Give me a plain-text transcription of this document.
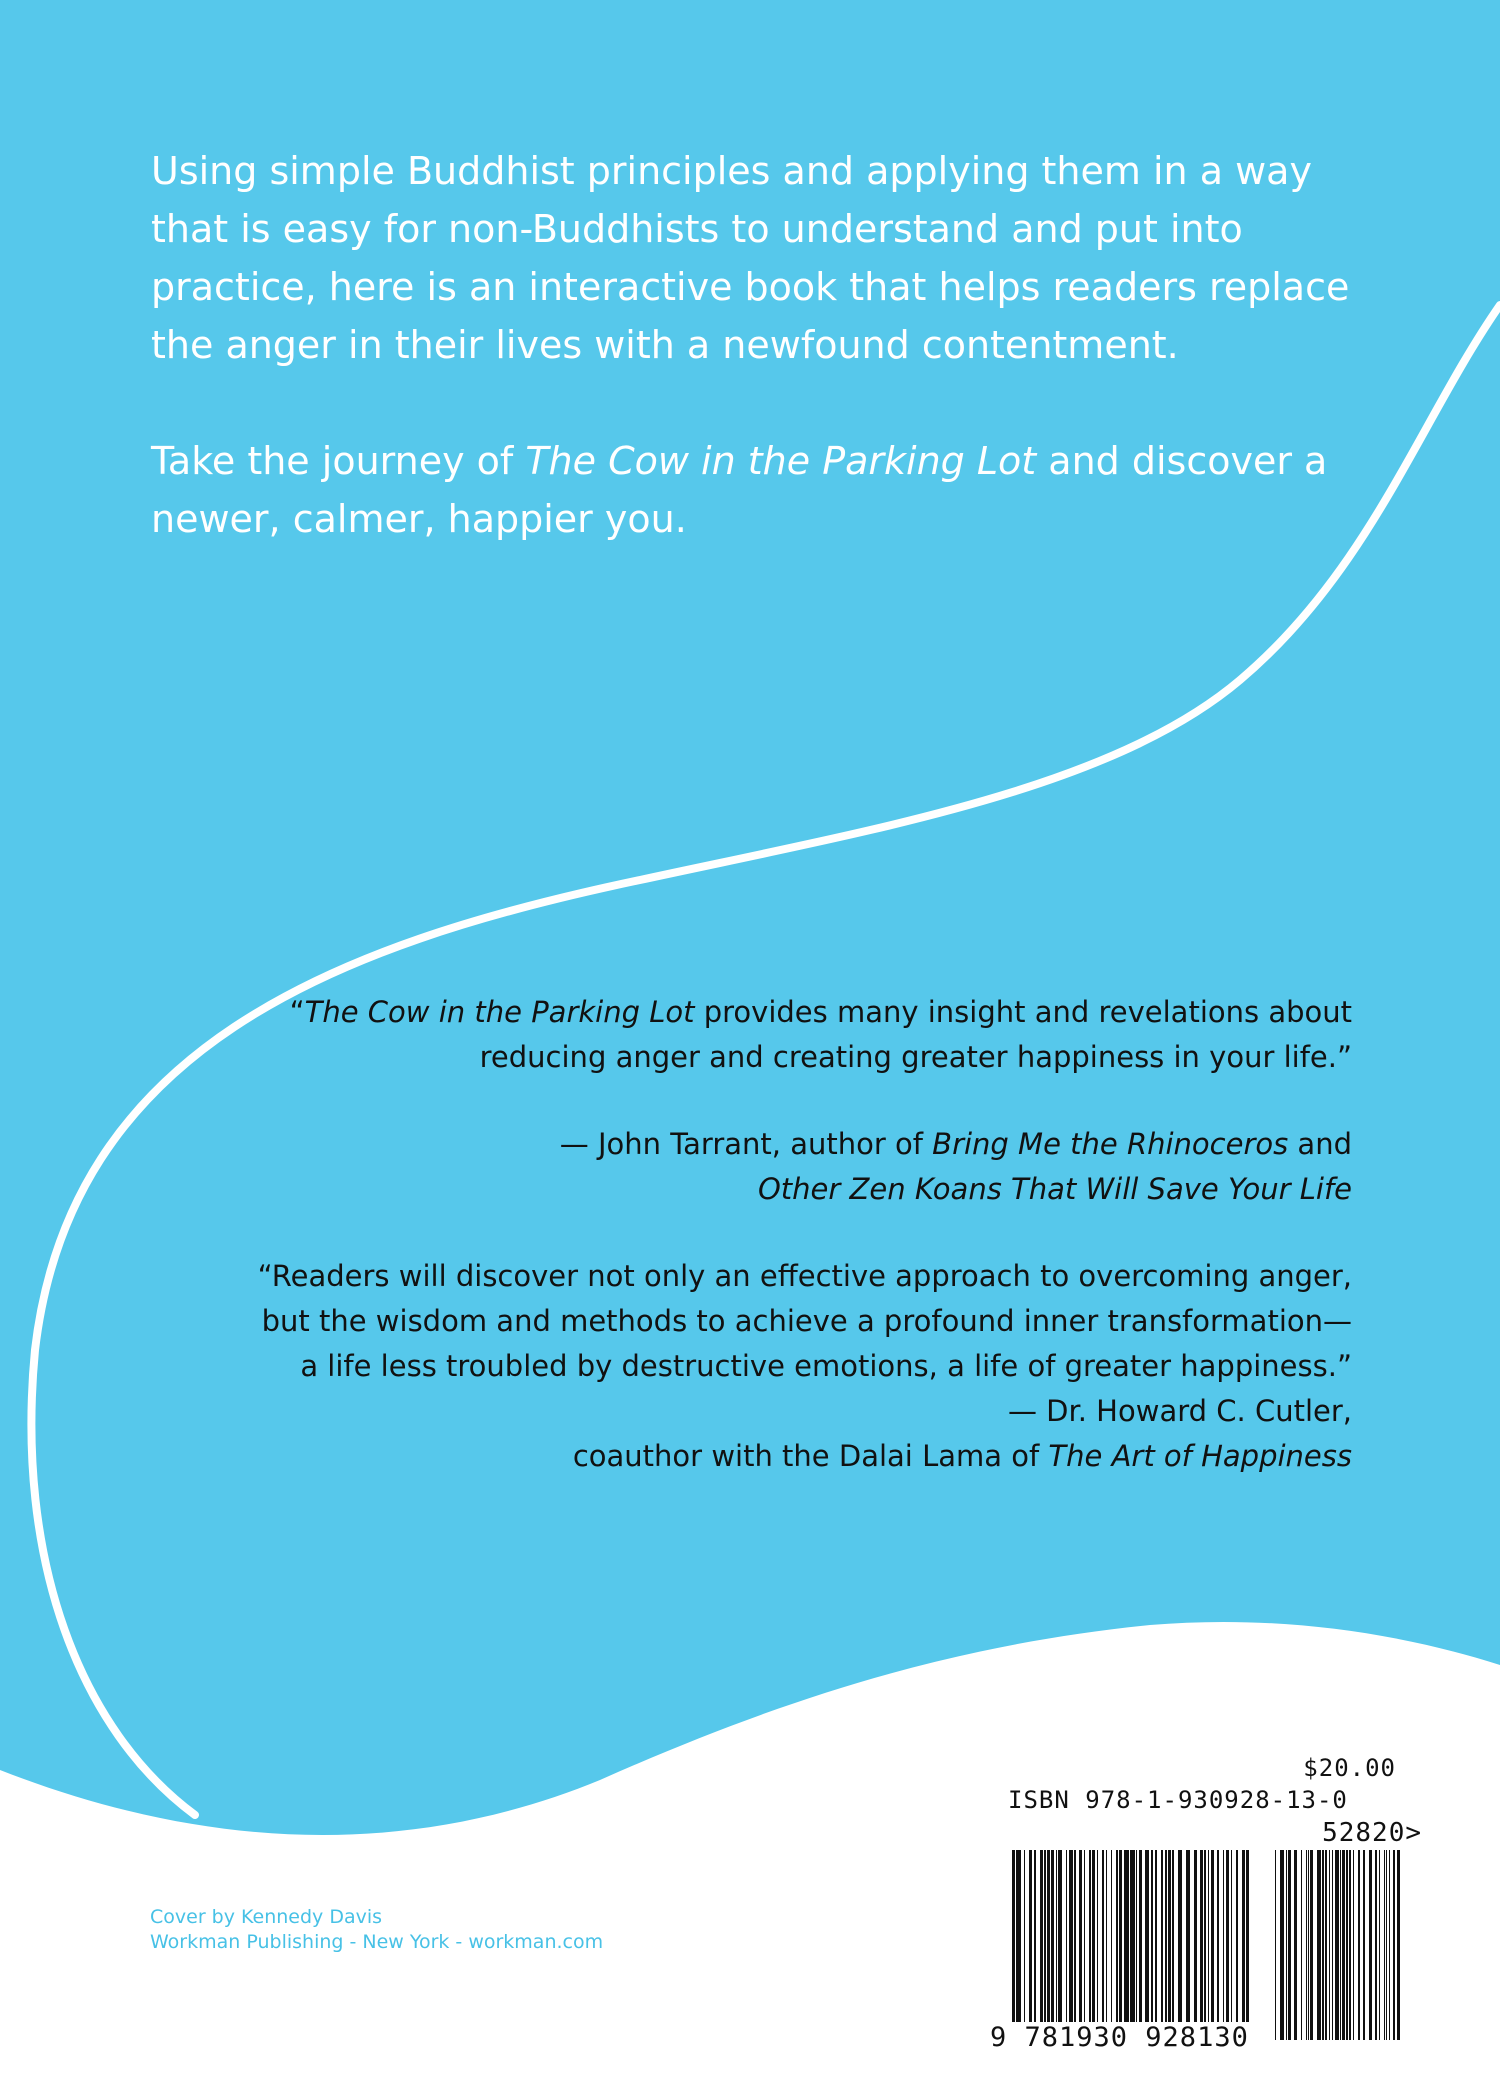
Using simple Buddhist principles and applying them in a way that is easy for non-Buddhists to understand and put into practice, here is an interactive book that helps readers replace the anger in their lives with a newfound contentment.

Take the journey of The Cow in the Parking Lot and discover a newer, calmer, happier you.

“The Cow in the Parking Lot provides many insight and revelations about reducing anger and creating greater happiness in your life.”

— John Tarrant, author of Bring Me the Rhinoceros and
Other Zen Koans That Will Save Your Life

“Readers will discover not only an effective approach to overcoming anger, but the wisdom and methods to achieve a profound inner transformation— a life less troubled by destructive emotions, a life of greater happiness.”

— Dr. Howard C. Cutler,
coauthor with the Dalai Lama of The Art of Happiness

Cover by Kennedy Davis
Workman Publishing - New York - workman.com
$20.00
ISBN 978-1-930928-13-0
52820>
9 781930 928130
